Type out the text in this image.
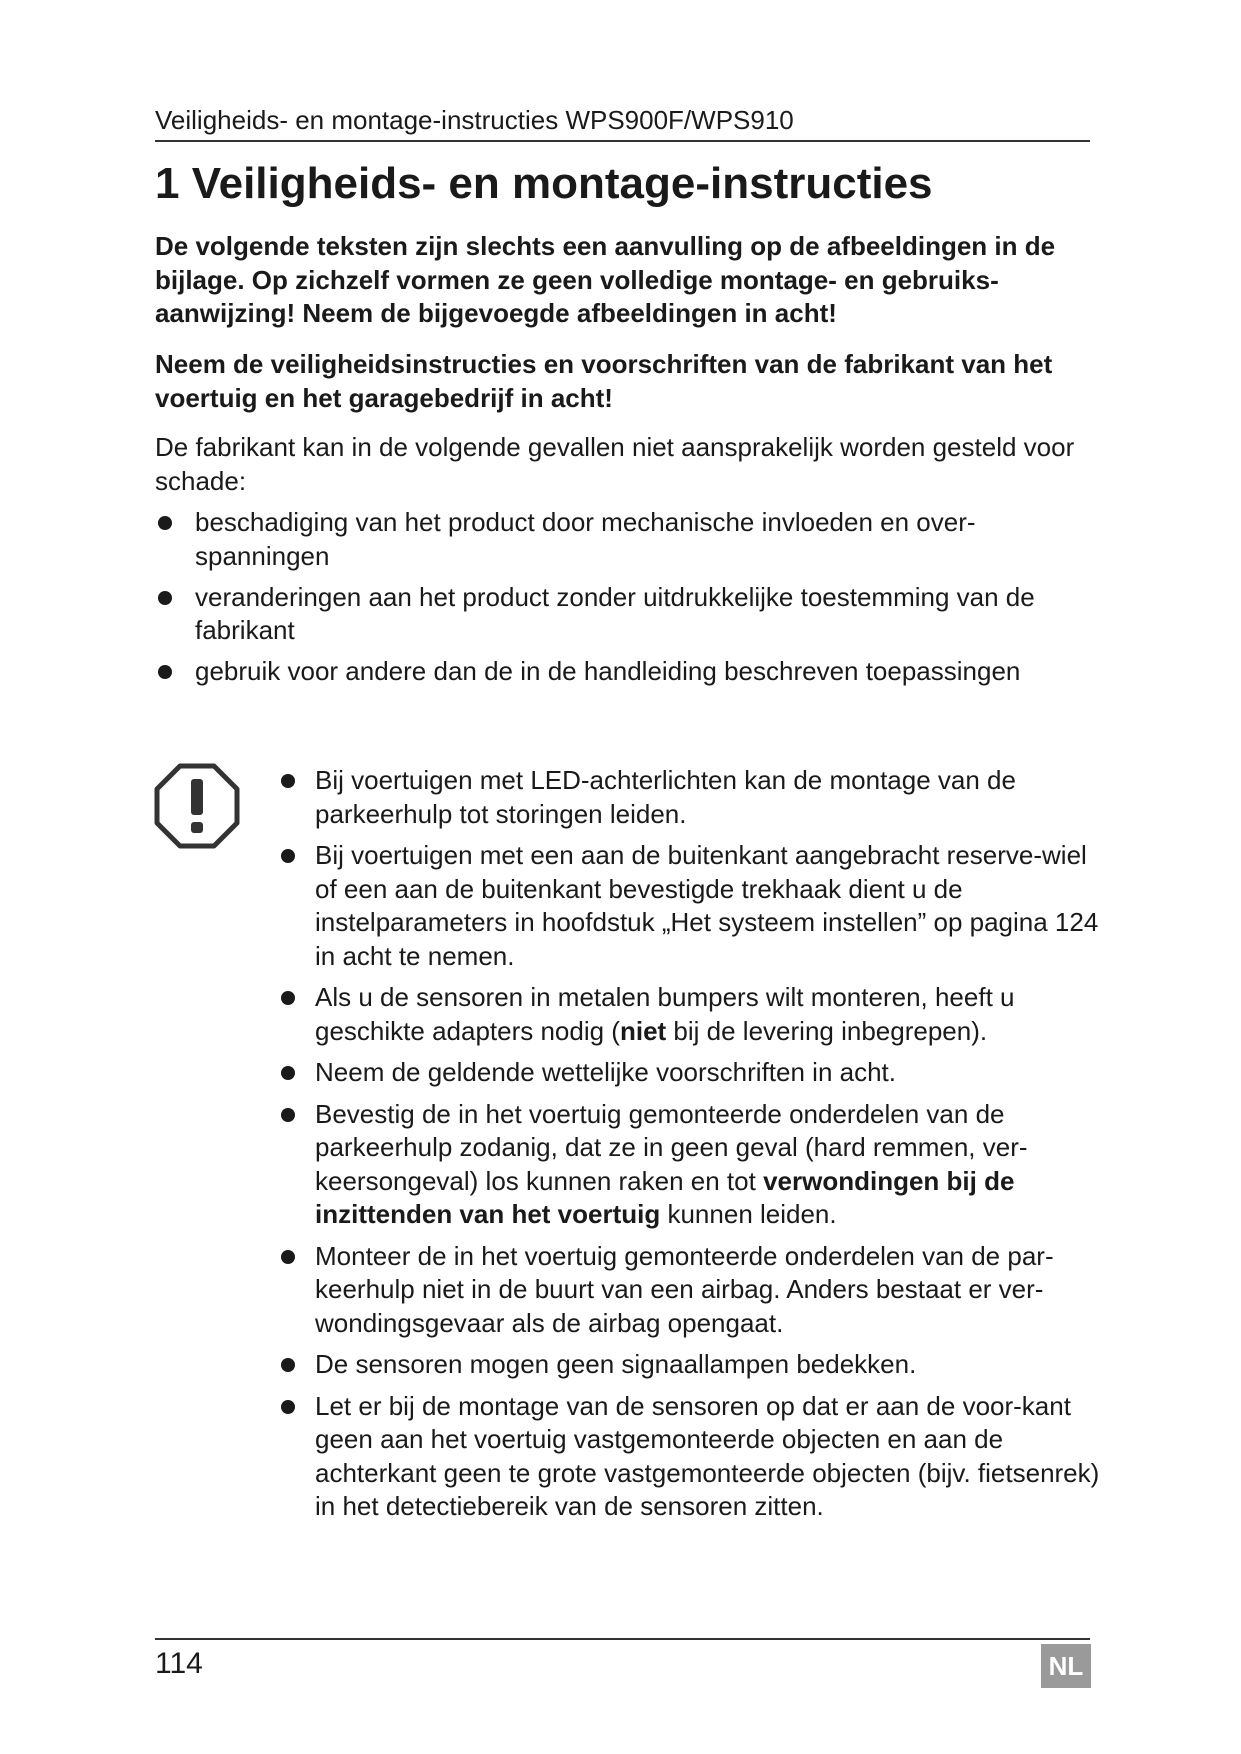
Veiligheids- en montage-instructies WPS900F/WPS910
1 Veiligheids- en montage-instructies

De volgende teksten zijn slechts een aanvulling op de afbeeldingen in de bijlage. Op zichzelf vormen ze geen volledige montage- en gebruiks-aanwijzing! Neem de bijgevoegde afbeeldingen in acht!

Neem de veiligheidsinstructies en voorschriften van de fabrikant van het voertuig en het garagebedrijf in acht!

De fabrikant kan in de volgende gevallen niet aansprakelijk worden gesteld voor schade:

beschadiging van het product door mechanische invloeden en over-spanningen
veranderingen aan het product zonder uitdrukkelijke toestemming van de fabrikant
gebruik voor andere dan de in de handleiding beschreven toepassingen
Bij voertuigen met LED-achterlichten kan de montage van de parkeerhulp tot storingen leiden.
Bij voertuigen met een aan de buitenkant aangebracht reserve-wiel of een aan de buitenkant bevestigde trekhaak dient u de instelparameters in hoofdstuk „Het systeem instellen” op pagina 124 in acht te nemen.
Als u de sensoren in metalen bumpers wilt monteren, heeft u geschikte adapters nodig (niet bij de levering inbegrepen).
Neem de geldende wettelijke voorschriften in acht.
Bevestig de in het voertuig gemonteerde onderdelen van de parkeerhulp zodanig, dat ze in geen geval (hard remmen, ver-keersongeval) los kunnen raken en tot verwondingen bij de inzittenden van het voertuig kunnen leiden.
Monteer de in het voertuig gemonteerde onderdelen van de par-keerhulp niet in de buurt van een airbag. Anders bestaat er ver-wondingsgevaar als de airbag opengaat.
De sensoren mogen geen signaallampen bedekken.
Let er bij de montage van de sensoren op dat er aan de voor-kant geen aan het voertuig vastgemonteerde objecten en aan de achterkant geen te grote vastgemonteerde objecten (bijv. fietsenrek) in het detectiebereik van de sensoren zitten.
114	NL
